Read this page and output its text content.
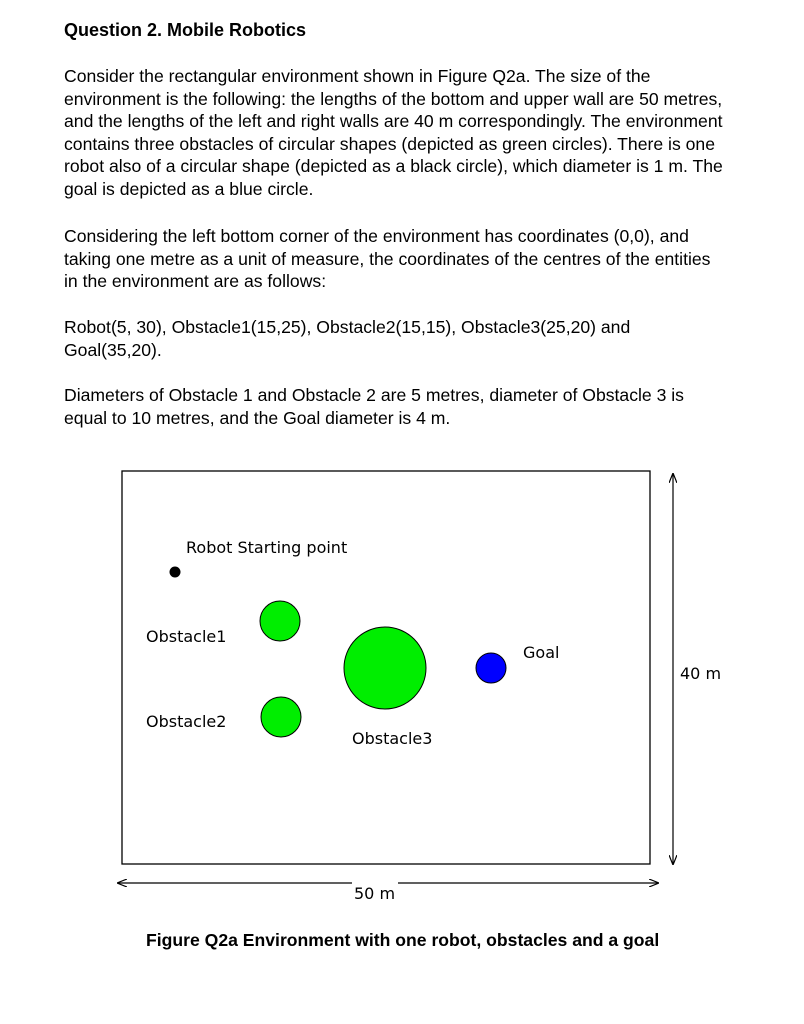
Question 2. Mobile Robotics
Consider the rectangular environment shown in Figure Q2a. The size of the
environment is the following: the lengths of the bottom and upper wall are 50 metres,
and the lengths of the left and right walls are 40 m correspondingly. The environment
contains three obstacles of circular shapes (depicted as green circles). There is one
robot also of a circular shape (depicted as a black circle), which diameter is 1 m. The
goal is depicted as a blue circle.
Considering the left bottom corner of the environment has coordinates (0,0), and
taking one metre as a unit of measure, the coordinates of the centres of the entities
in the environment are as follows:
Robot(5, 30), Obstacle1(15,25), Obstacle2(15,15), Obstacle3(25,20) and
Goal(35,20).
Diameters of Obstacle 1 and Obstacle 2 are 5 metres, diameter of Obstacle 3 is
equal to 10 metres, and the Goal diameter is 4 m.
Robot Starting point
Obstacle1
Obstacle2
Obstacle3
Goal
40 m
50 m
Figure Q2a Environment with one robot, obstacles and a goal
